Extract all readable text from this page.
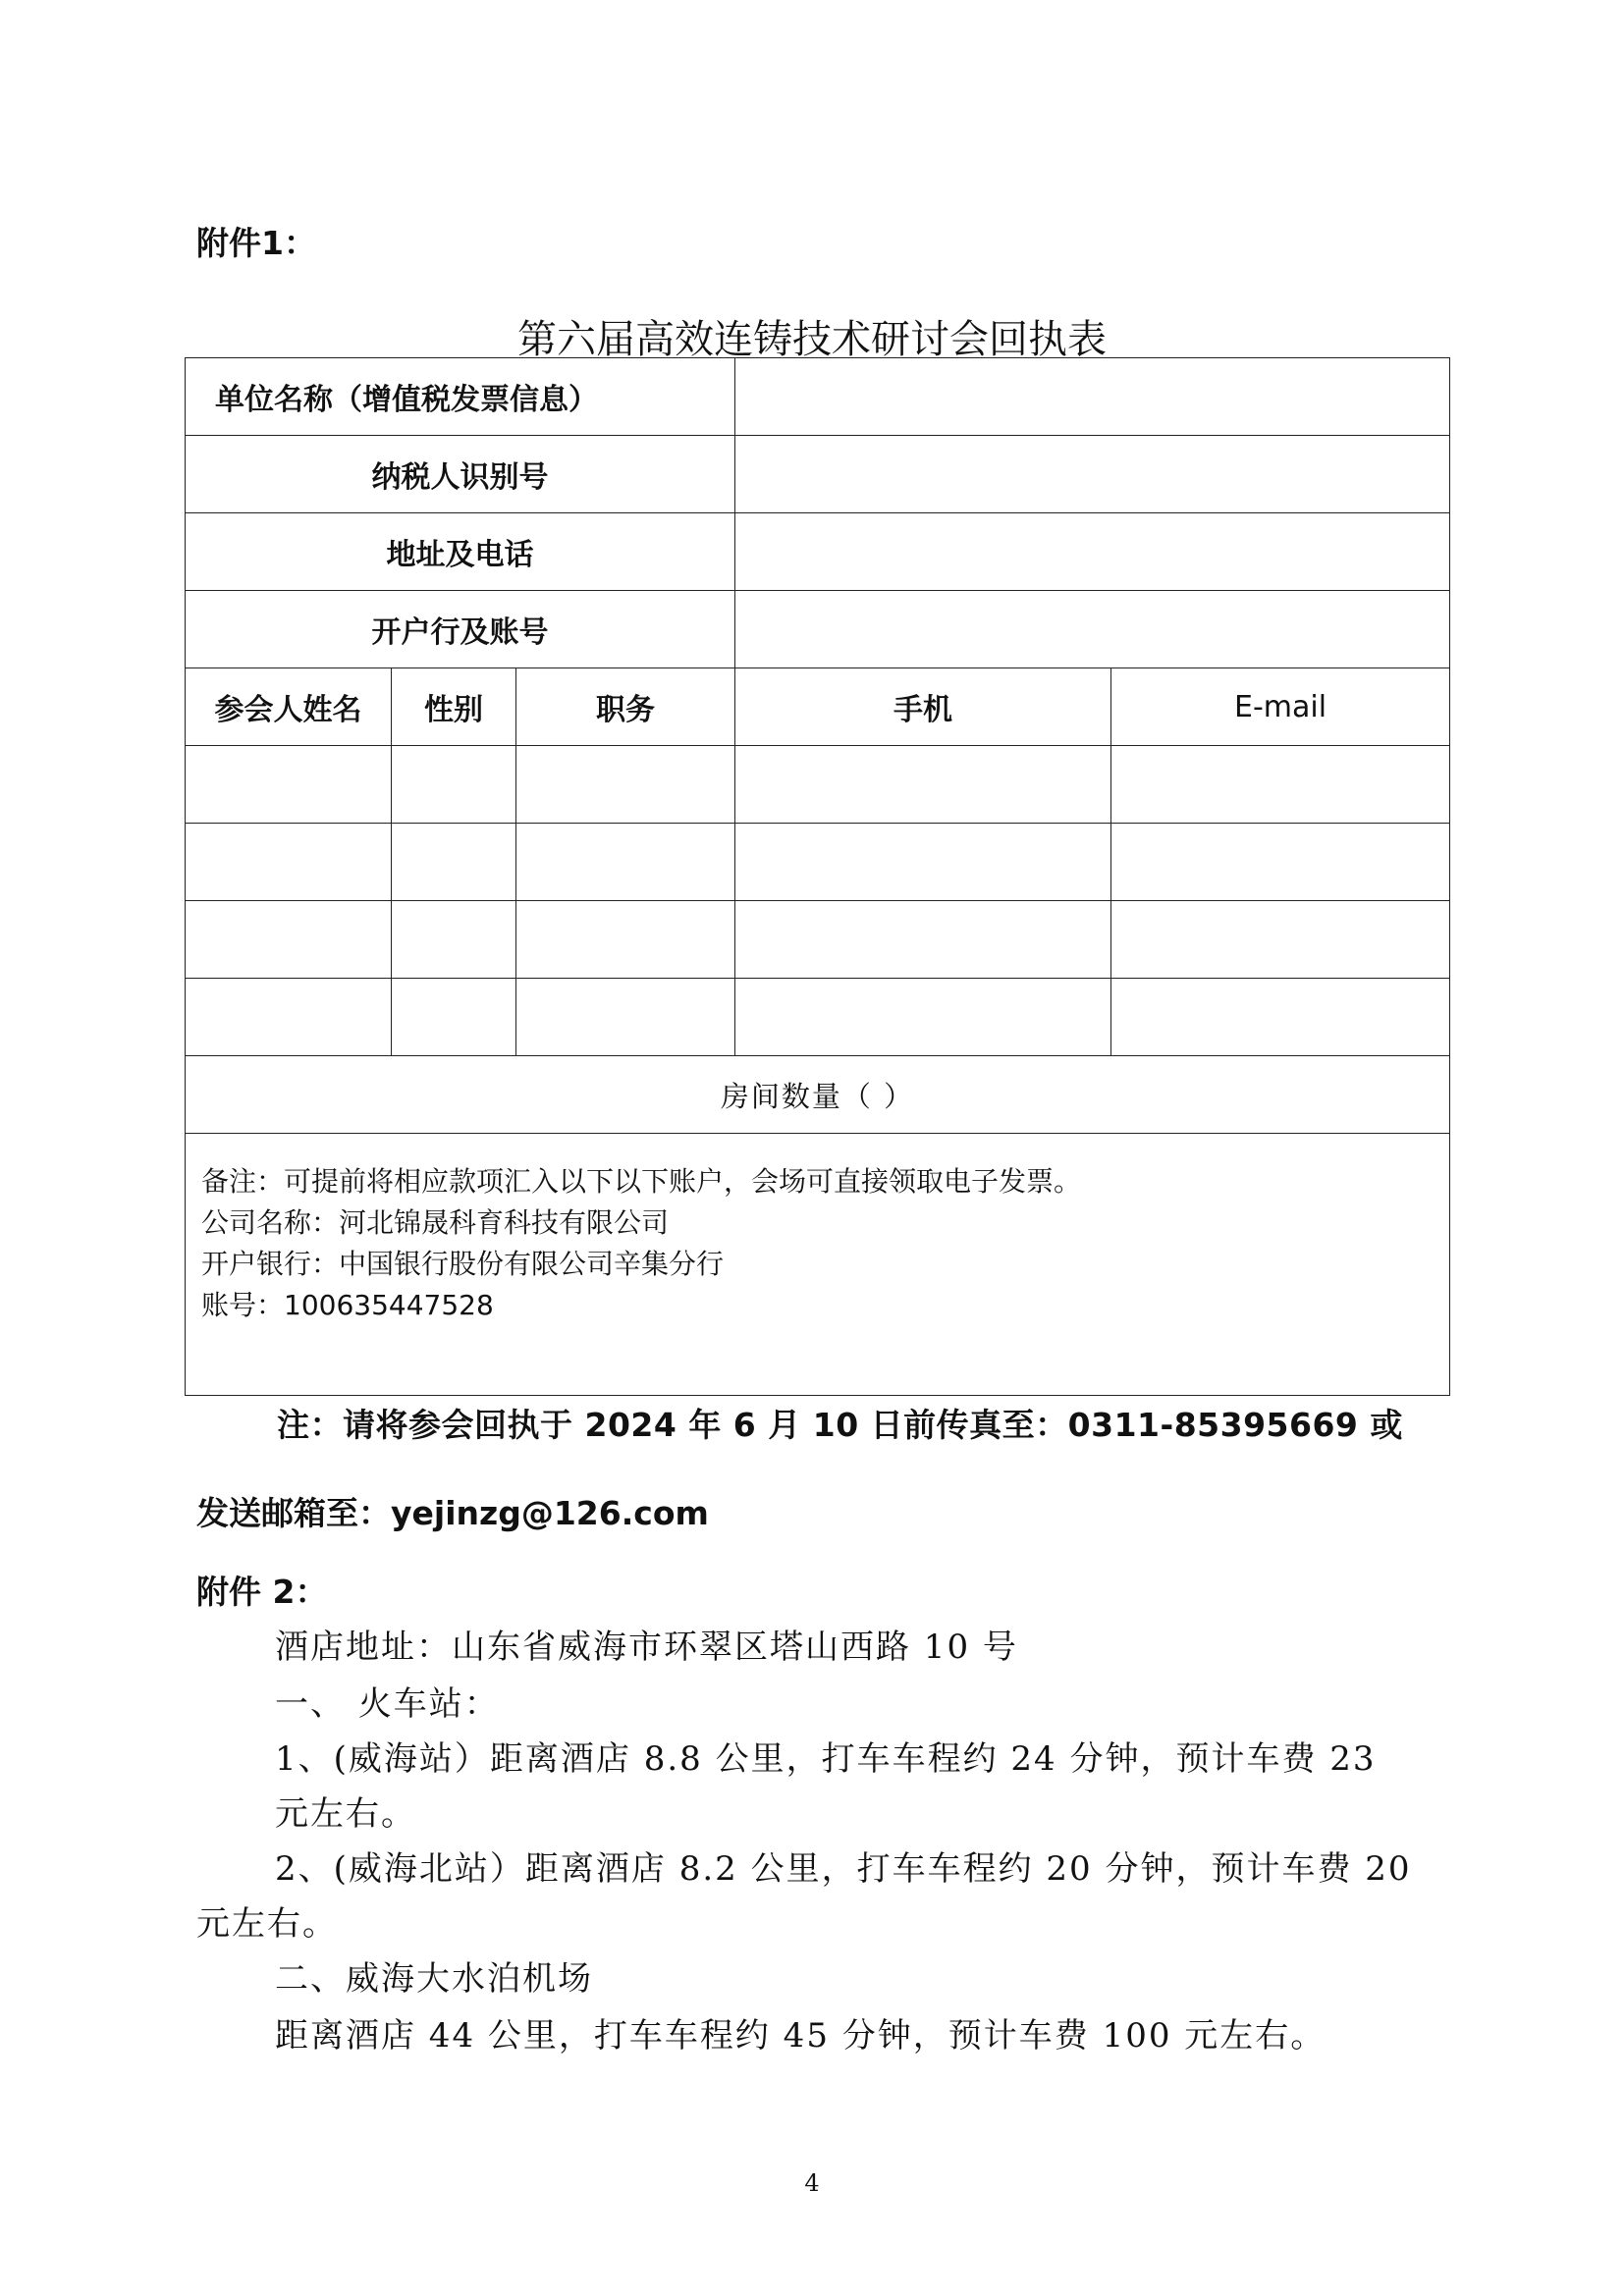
附件1：
第六届高效连铸技术研讨会回执表
单位名称（增值税发票信息）				
纳税人识别号				
地址及电话				
开户行及账号				
参会人姓名	性别	职务	手机	E-mail

房间数量（ ）				

备注：可提前将相应款项汇入以下以下账户，会场可直接领取电子发票。
公司名称：河北锦晟科育科技有限公司
开户银行：中国银行股份有限公司辛集分行
账号：100635447528				
注：请将参会回执于 2024 年 6 月 10 日前传真至：0311-85395669 或
发送邮箱至：yejinzg@126.com
附件 2：
酒店地址：山东省威海市环翠区塔山西路 10 号
一、 火车站：
1、(威海站）距离酒店 8.8 公里，打车车程约 24 分钟，预计车费 23
元左右。
2、(威海北站）距离酒店 8.2 公里，打车车程约 20 分钟，预计车费 20
元左右。
二、威海大水泊机场
距离酒店 44 公里，打车车程约 45 分钟，预计车费 100 元左右。
4
